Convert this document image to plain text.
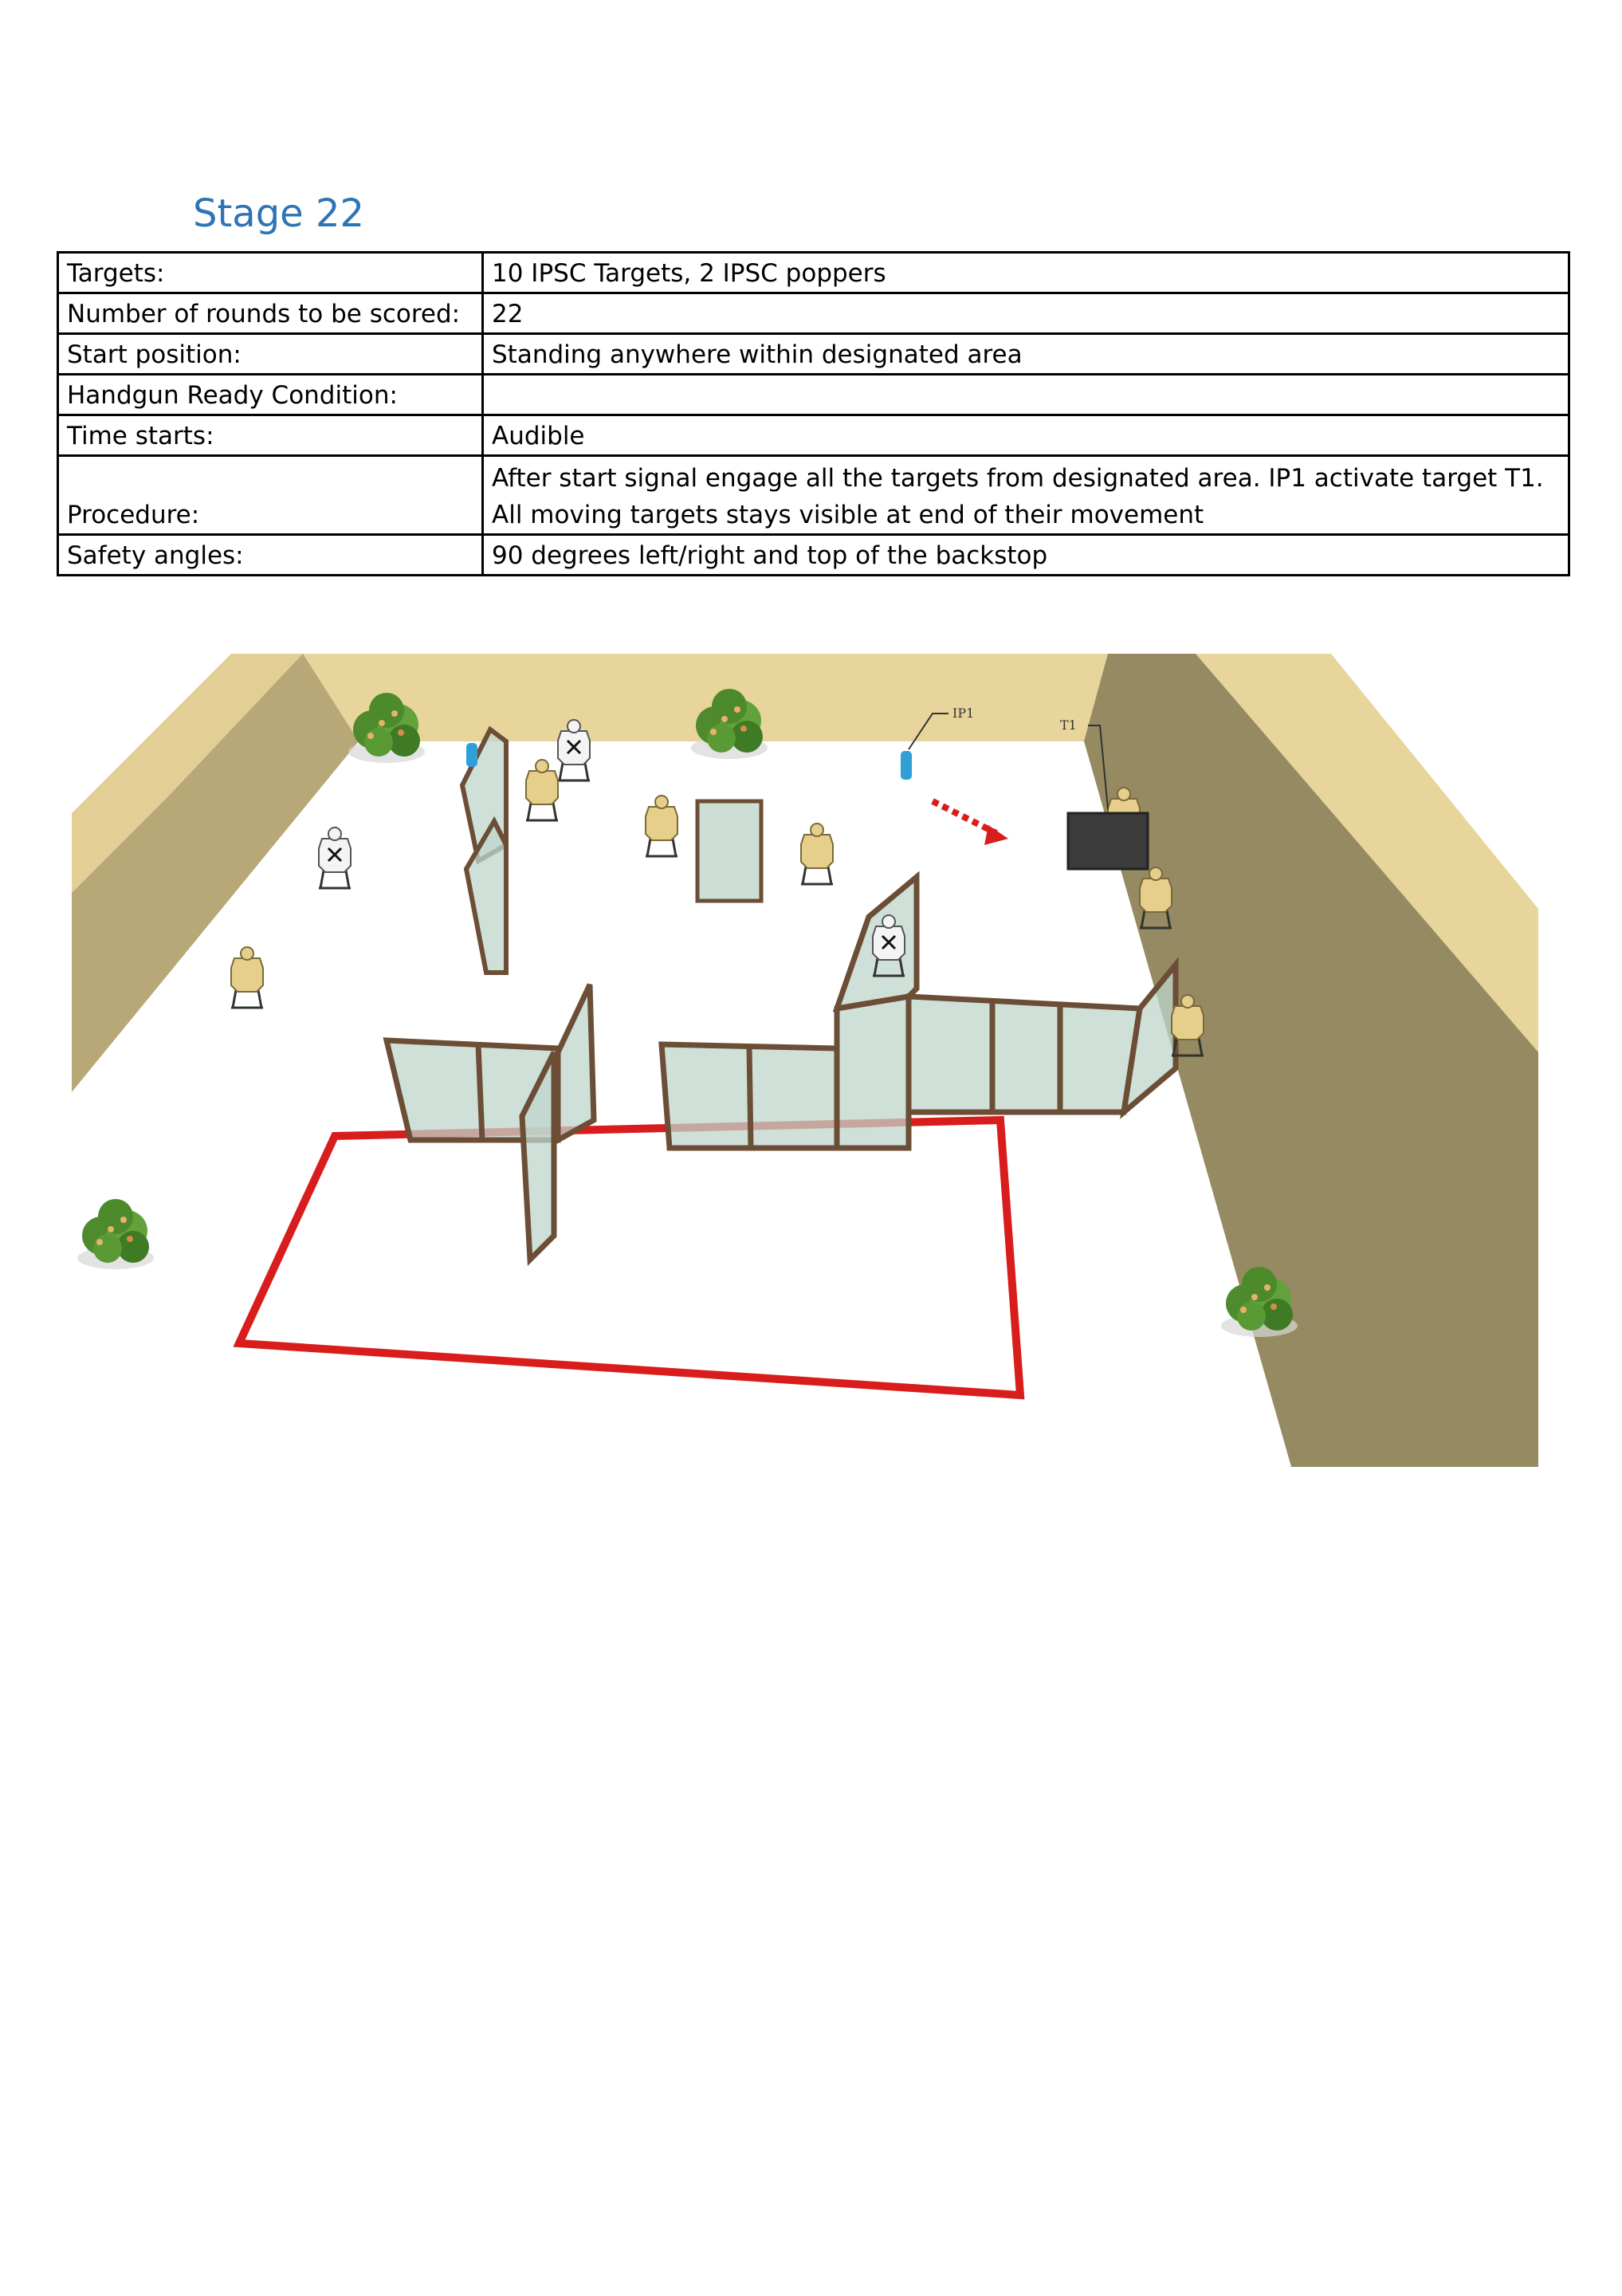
Stage 22
Targets:	10 IPSC Targets, 2 IPSC poppers
Number of rounds to be scored:	22
Start position:	Standing anywhere within designated area
Handgun Ready Condition:	
Time starts:	Audible
Procedure:	After start signal engage all the targets from designated area. IP1 activate target T1.
All moving targets stays visible at end of their movement

Safety angles:	90 degrees left/right and top of the backstop
IP1
T1
